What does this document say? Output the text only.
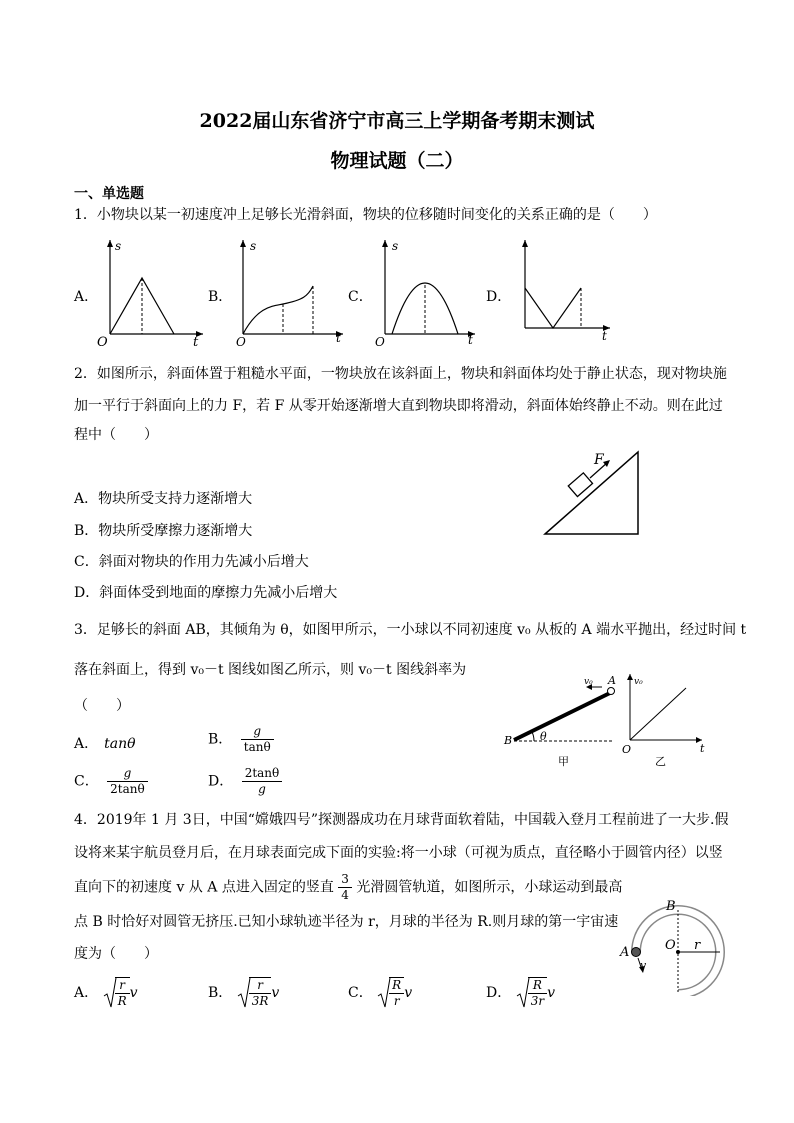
2022届山东省济宁市高三上学期备考期末测试
物理试题（二）
一、单选题
1．小物块以某一初速度冲上足够长光滑斜面，物块的位移随时间变化的关系正确的是（　　）
A．	B．	C．	D．
s
t
O
s
t
O
s
t
O	t
2．如图所示，斜面体置于粗糙水平面，一物块放在该斜面上，物块和斜面体均处于静止状态，现对物块施
加一平行于斜面向上的力 F，若 F 从零开始逐渐增大直到物块即将滑动，斜面体始终静止不动。则在此过
程中（　　）
F
A．物块所受支持力逐渐增大
B．物块所受摩擦力逐渐增大
C．斜面对物块的作用力先减小后增大
D．斜面体受到地面的摩擦力先减小后增大
3．足够长的斜面 AB，其倾角为 θ，如图甲所示，一小球以不同初速度 v₀ 从板的 A 端水平抛出，经过时间 t
落在斜面上，得到 v₀－t 图线如图乙所示，则 v₀－t 图线斜率为
（　　）
A． tanθ	B． $\frac{g}{\tan\theta}$
C． $\frac{g}{2\tan\theta}$	D． $\frac{2\tan\theta}{g}$
B
A
θ
v₀	v₀
O	t
甲	乙
4．2019年 1 月 3日，中国“嫦娥四号”探测器成功在月球背面软着陆，中国载入登月工程前进了一大步.假
设将来某宇航员登月后，在月球表面完成下面的实验:将一小球（可视为质点，直径略小于圆管内径）以竖
直向下的初速度 v 从 A 点进入固定的竖直 $\frac{3}{4}$ 光滑圆管轨道，如图所示，小球运动到最高
点 B 时恰好对圆管无挤压.已知小球轨迹半径为 r，月球的半径为 R.则月球的第一宇宙速
度为（　　）
A． $\frac{r}{R}$ v	B． $\frac{r}{3R}$ v	C． $\frac{R}{r}$ v	D． $\frac{R}{3r}$ v
B
O r
A
v
